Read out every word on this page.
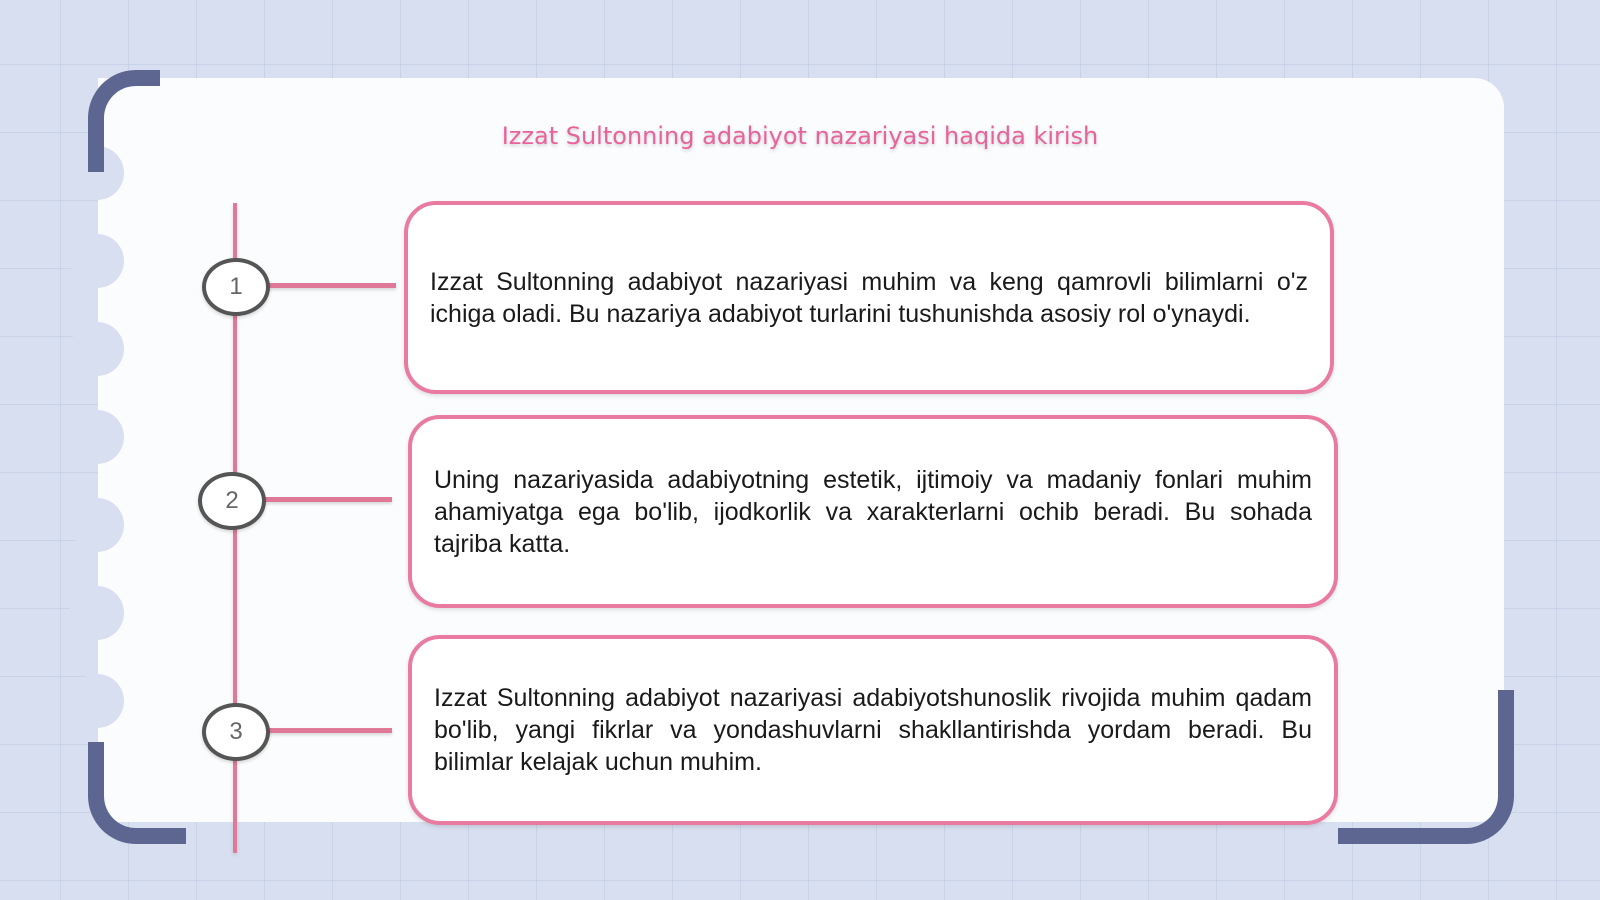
Izzat Sultonning adabiyot nazariyasi haqida kirish
1	Izzat Sultonning adabiyot nazariyasi muhim va keng qamrovli bilimlarni o'z ichiga oladi. Bu nazariya adabiyot turlarini tushunishda asosiy rol o'ynaydi.
2
Uning nazariyasida adabiyotning estetik, ijtimoiy va madaniy fonlari muhim ahamiyatga ega bo'lib, ijodkorlik va xarakterlarni ochib beradi. Bu sohada tajriba katta.
3
Izzat Sultonning adabiyot nazariyasi adabiyotshunoslik rivojida muhim qadam bo'lib, yangi fikrlar va yondashuvlarni shakllantirishda yordam beradi. Bu bilimlar kelajak uchun muhim.
